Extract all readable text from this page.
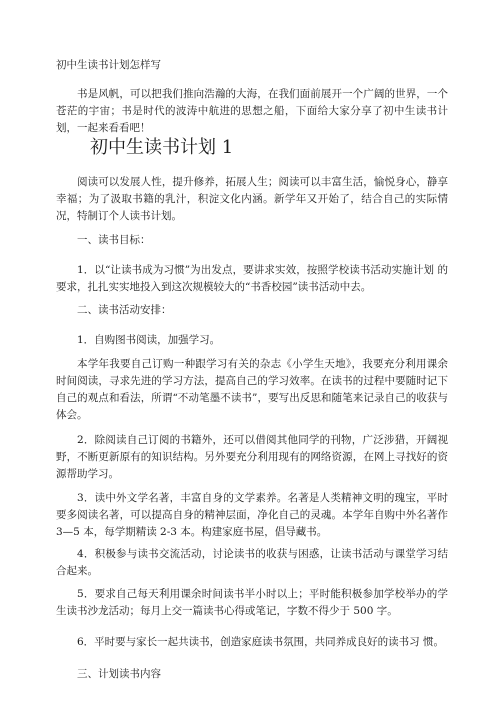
初中生读书计划怎样写

书是风帆，可以把我们推向浩瀚的大海，在我们面前展开一个广阔的世界，一个苍茫的宇宙；书是时代的波涛中航进的思想之船，下面给大家分享了初中生读书计划，一起来看看吧！

初中生读书计划 1

阅读可以发展人性，提升修养，拓展人生；阅读可以丰富生活，愉悦身心，静享幸福；为了汲取书籍的乳汁，积淀文化内涵。新学年又开始了，结合自己的实际情况，特制订个人读书计划。

一、读书目标：

1．以“让读书成为习惯”为出发点，要讲求实效，按照学校读书活动实施计划 的要求，扎扎实实地投入到这次规模较大的“书香校园”读书活动中去。

二、读书活动安排：
1．自购图书阅读，加强学习。

本学年我要自己订购一种跟学习有关的杂志《小学生天地》，我要充分利用课余时间阅读，寻求先进的学习方法，提高自己的学习效率。在读书的过程中要随时记下自己的观点和看法，所谓“不动笔墨不读书”，要写出反思和随笔来记录自己的收获与体会。

2．除阅读自己订阅的书籍外，还可以借阅其他同学的刊物，广泛涉猎，开阔视野，不断更新原有的知识结构。另外要充分利用现有的网络资源，在网上寻找好的资源帮助学习。

3．读中外文学名著，丰富自身的文学素养。名著是人类精神文明的瑰宝，平时要多阅读名著，可以提高自身的精神层面，净化自己的灵魂。本学年自购中外名著作 3—5 本，每学期精读 2-3 本。构建家庭书屋，倡导藏书。

4．积极参与读书交流活动，讨论读书的收获与困惑，让读书活动与课堂学习结合起来。

5．要求自己每天利用课余时间读书半小时以上；平时能积极参加学校举办的学生读书沙龙活动；每月上交一篇读书心得或笔记，字数不得少于 500 字。

6．平时要与家长一起共读书，创造家庭读书氛围，共同养成良好的读书习 惯。
三、计划读书内容
